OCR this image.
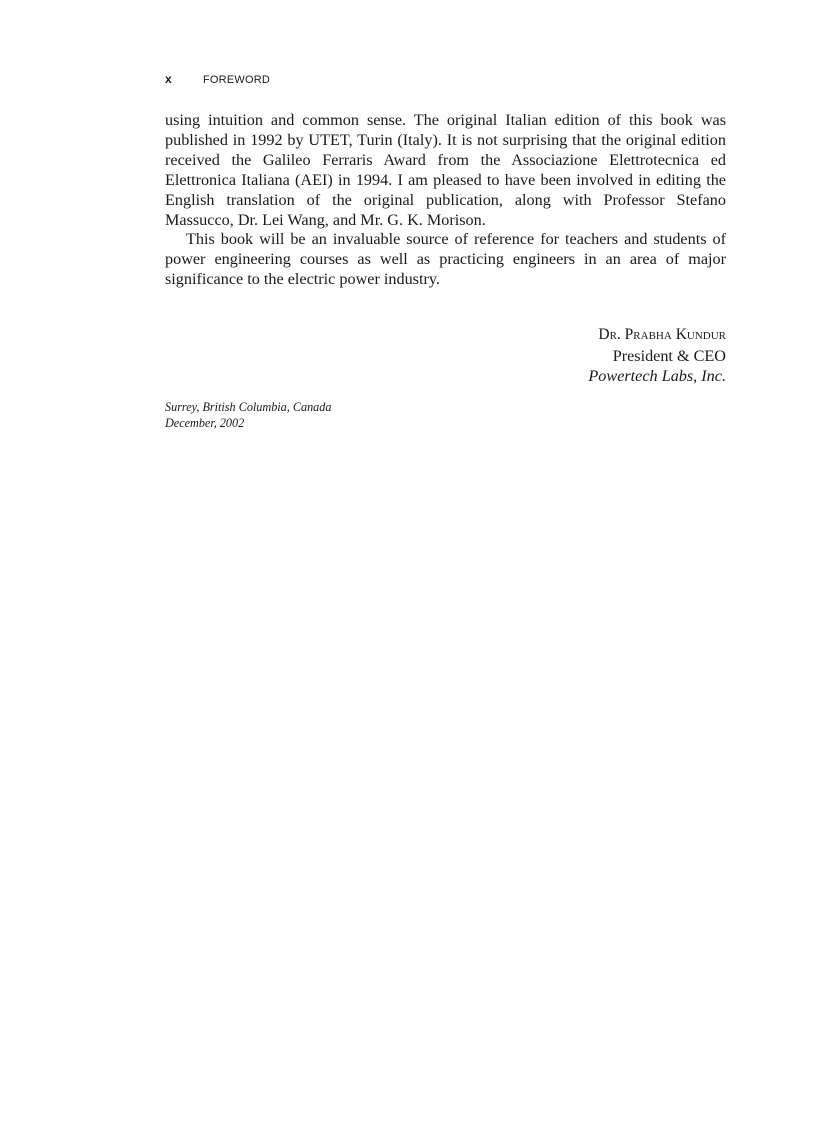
x	FOREWORD

using intuition and common sense. The original Italian edition of this book was published in 1992 by UTET, Turin (Italy). It is not surprising that the original edition received the Galileo Ferraris Award from the Associazione Elettrotecnica ed Elettronica Italiana (AEI) in 1994. I am pleased to have been involved in editing the English translation of the original publication, along with Professor Stefano Massucco, Dr. Lei Wang, and Mr. G. K. Morison.

This book will be an invaluable source of reference for teachers and students of power engineering courses as well as practicing engineers in an area of major significance to the electric power industry.

Dr. Prabha Kundur
President & CEO
Powertech Labs, Inc.
Surrey, British Columbia, Canada
December, 2002
